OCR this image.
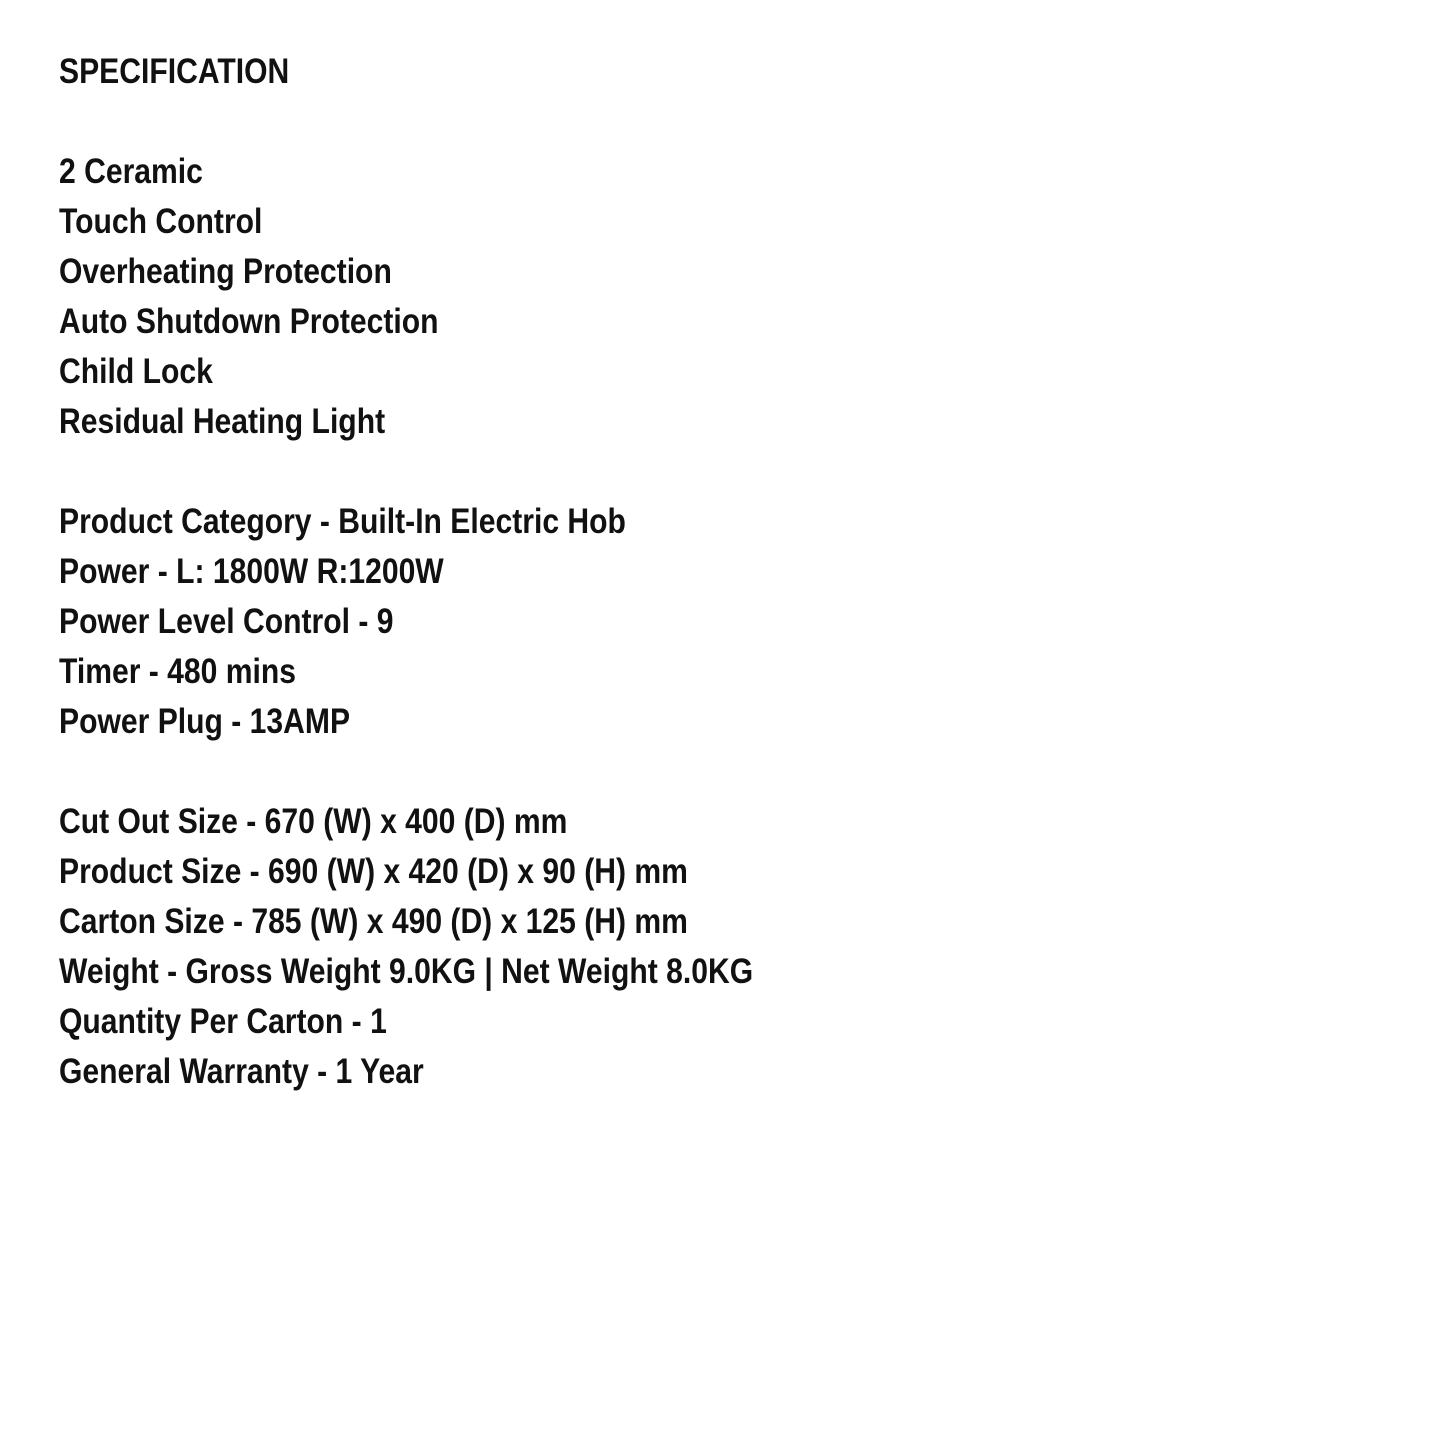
SPECIFICATION
2 Ceramic
Touch Control
Overheating Protection
Auto Shutdown Protection
Child Lock
Residual Heating Light
Product Category - Built-In Electric Hob
Power - L: 1800W R:1200W
Power Level Control - 9
Timer - 480 mins
Power Plug - 13AMP
Cut Out Size - 670 (W) x 400 (D) mm
Product Size - 690 (W) x 420 (D) x 90 (H) mm
Carton Size - 785 (W) x 490 (D) x 125 (H) mm
Weight - Gross Weight 9.0KG | Net Weight 8.0KG
Quantity Per Carton - 1
General Warranty - 1 Year
